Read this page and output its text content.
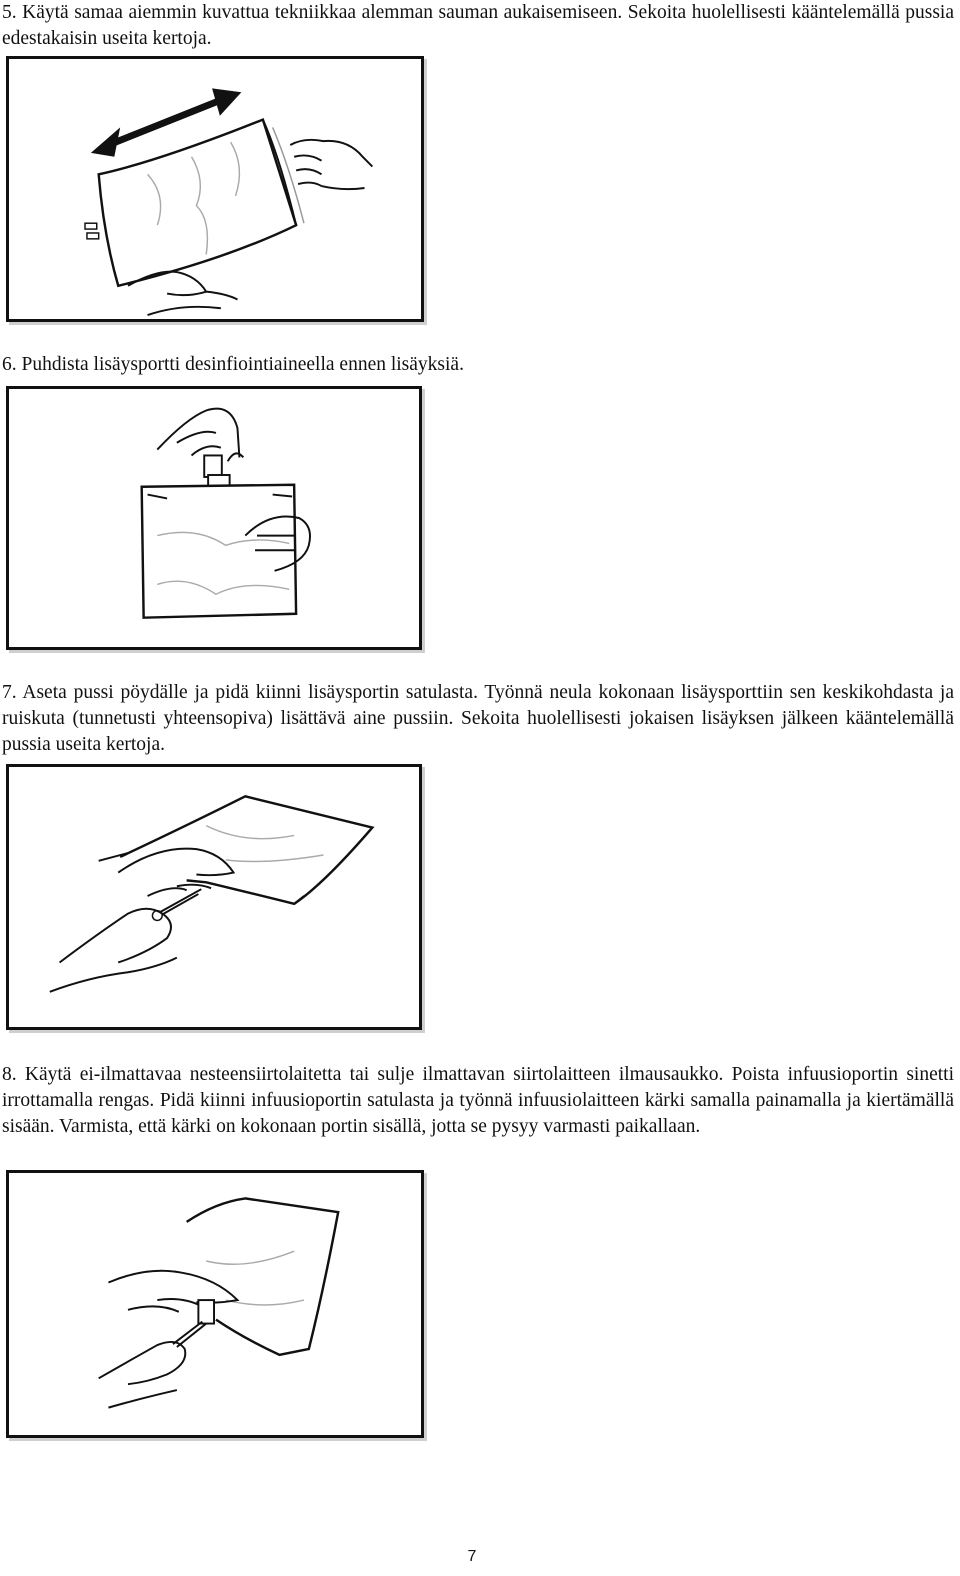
5. Käytä samaa aiemmin kuvattua tekniikkaa alemman sauman aukaisemiseen. Sekoita huolellisesti kääntelemällä pussia edestakaisin useita kertoja.

6. Puhdista lisäysportti desinfiointiaineella ennen lisäyksiä.

7. Aseta pussi pöydälle ja pidä kiinni lisäysportin satulasta. Työnnä neula kokonaan lisäysporttiin sen keskikohdasta ja ruiskuta (tunnetusti yhteensopiva) lisättävä aine pussiin. Sekoita huolellisesti jokaisen lisäyksen jälkeen kääntelemällä pussia useita kertoja.

8. Käytä ei-ilmattavaa nesteensiirtolaitetta tai sulje ilmattavan siirtolaitteen ilmausaukko. Poista infuusioportin sinetti irrottamalla rengas. Pidä kiinni infuusioportin satulasta ja työnnä infuusiolaitteen kärki samalla painamalla ja kiertämällä sisään. Varmista, että kärki on kokonaan portin sisällä, jotta se pysyy varmasti paikallaan.

7
